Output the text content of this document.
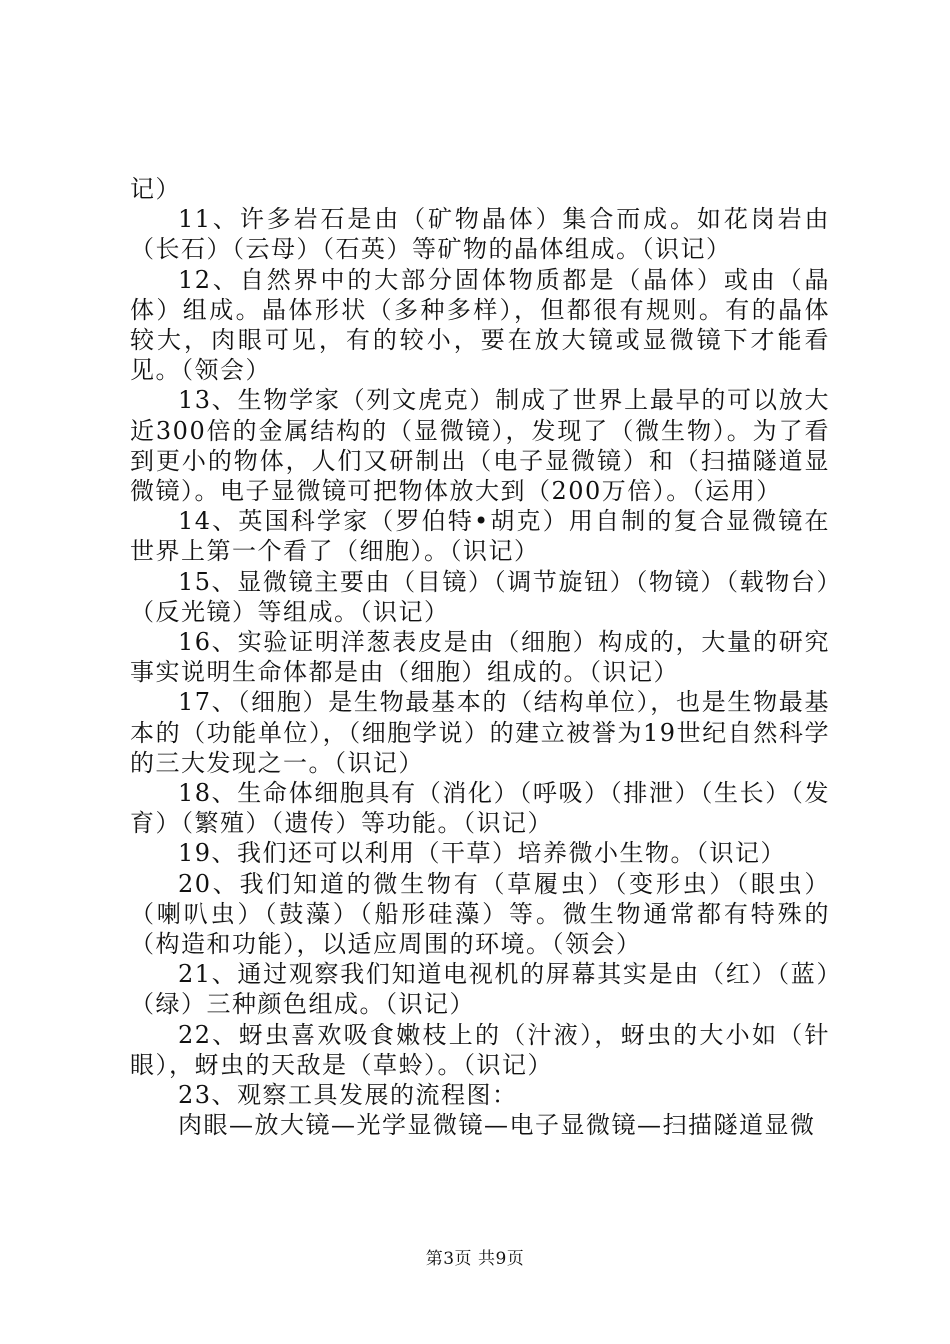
记）

11、许多岩石是由（矿物晶体）集合而成。如花岗岩由（长石）（云母）（石英）等矿物的晶体组成。（识记）

12、自然界中的大部分固体物质都是（晶体）或由（晶体）组成。晶体形状（多种多样），但都很有规则。有的晶体较大，肉眼可见，有的较小，要在放大镜或显微镜下才能看见。（领会）

13、生物学家（列文虎克）制成了世界上最早的可以放大近300倍的金属结构的（显微镜），发现了（微生物）。为了看到更小的物体，人们又研制出（电子显微镜）和（扫描隧道显微镜）。电子显微镜可把物体放大到（200万倍）。（运用）

14、英国科学家（罗伯特•胡克）用自制的复合显微镜在世界上第一个看了（细胞）。（识记）

15、显微镜主要由（目镜）（调节旋钮）（物镜）（载物台）（反光镜）等组成。（识记）

16、实验证明洋葱表皮是由（细胞）构成的，大量的研究事实说明生命体都是由（细胞）组成的。（识记）

17、（细胞）是生物最基本的（结构单位），也是生物最基本的（功能单位），（细胞学说）的建立被誉为19世纪自然科学的三大发现之一。（识记）

18、生命体细胞具有（消化）（呼吸）（排泄）（生长）（发育）（繁殖）（遗传）等功能。（识记）

19、我们还可以利用（干草）培养微小生物。（识记）

20、我们知道的微生物有（草履虫）（变形虫）（眼虫）（喇叭虫）（鼓藻）（船形硅藻）等。微生物通常都有特殊的（构造和功能），以适应周围的环境。（领会）

21、通过观察我们知道电视机的屏幕其实是由（红）（蓝）（绿）三种颜色组成。（识记）

22、蚜虫喜欢吸食嫩枝上的（汁液），蚜虫的大小如（针眼），蚜虫的天敌是（草蛉）。（识记）

23、观察工具发展的流程图：

肉眼—放大镜—光学显微镜—电子显微镜—扫描隧道显微

第3页 共9页
